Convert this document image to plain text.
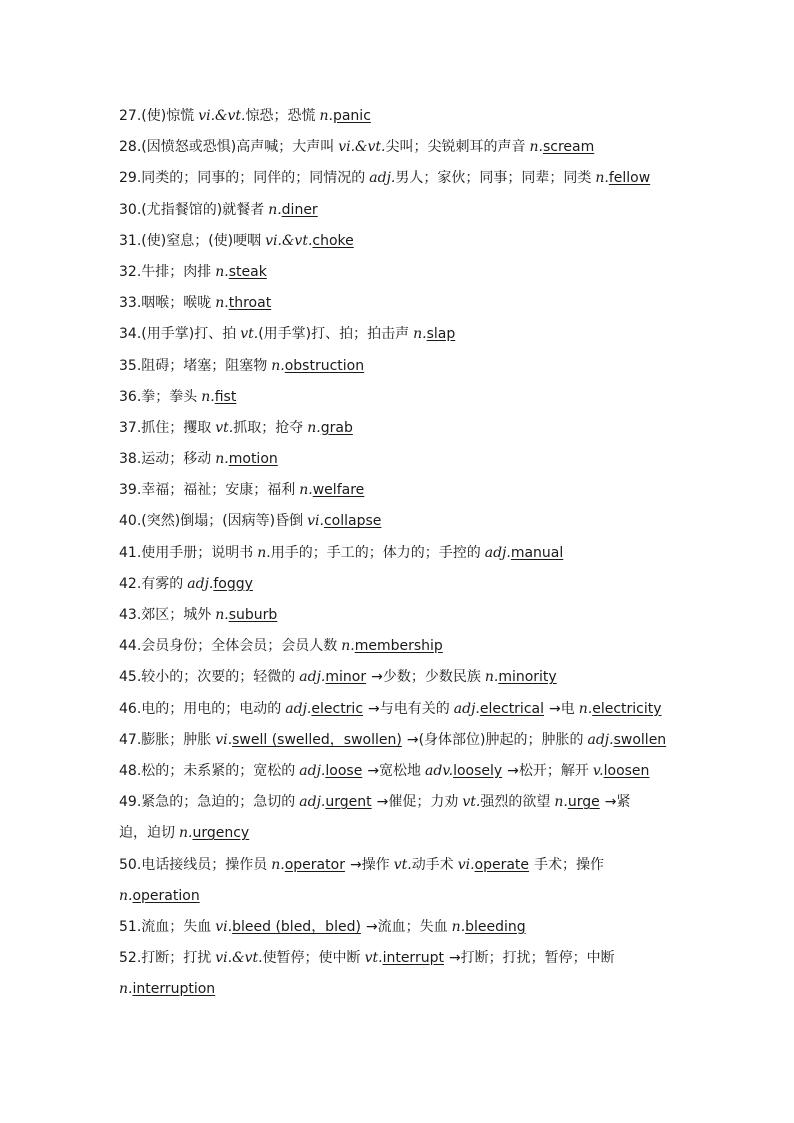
27.(使)惊慌 vi.&vt.惊恐；恐慌 n.panic
28.(因愤怒或恐惧)高声喊；大声叫 vi.&vt.尖叫；尖锐刺耳的声音 n.scream
29.同类的；同事的；同伴的；同情况的 adj.男人；家伙；同事；同辈；同类 n.fellow
30.(尤指餐馆的)就餐者 n.diner
31.(使)窒息；(使)哽咽 vi.&vt.choke
32.牛排；肉排 n.steak
33.咽喉；喉咙 n.throat
34.(用手掌)打、拍 vt.(用手掌)打、拍；拍击声 n.slap
35.阻碍；堵塞；阻塞物 n.obstruction
36.拳；拳头 n.fist
37.抓住；攫取 vt.抓取；抢夺 n.grab
38.运动；移动 n.motion
39.幸福；福祉；安康；福利 n.welfare
40.(突然)倒塌；(因病等)昏倒 vi.collapse
41.使用手册；说明书 n.用手的；手工的；体力的；手控的 adj.manual
42.有雾的 adj.foggy
43.郊区；城外 n.suburb
44.会员身份；全体会员；会员人数 n.membership
45.较小的；次要的；轻微的 adj.minor →少数；少数民族 n.minority
46.电的；用电的；电动的 adj.electric →与电有关的 adj.electrical →电 n.electricity
47.膨胀；肿胀 vi.swell (swelled，swollen) →(身体部位)肿起的；肿胀的 adj.swollen
48.松的；未系紧的；宽松的 adj.loose →宽松地 adv.loosely →松开；解开 v.loosen
49.紧急的；急迫的；急切的 adj.urgent →催促；力劝 vt.强烈的欲望 n.urge →紧
迫，迫切 n.urgency
50.电话接线员；操作员 n.operator →操作 vt.动手术 vi.operate 手术；操作
n.operation
51.流血；失血 vi.bleed (bled，bled) →流血；失血 n.bleeding
52.打断；打扰 vi.&vt.使暂停；使中断 vt.interrupt →打断；打扰；暂停；中断
n.interruption
